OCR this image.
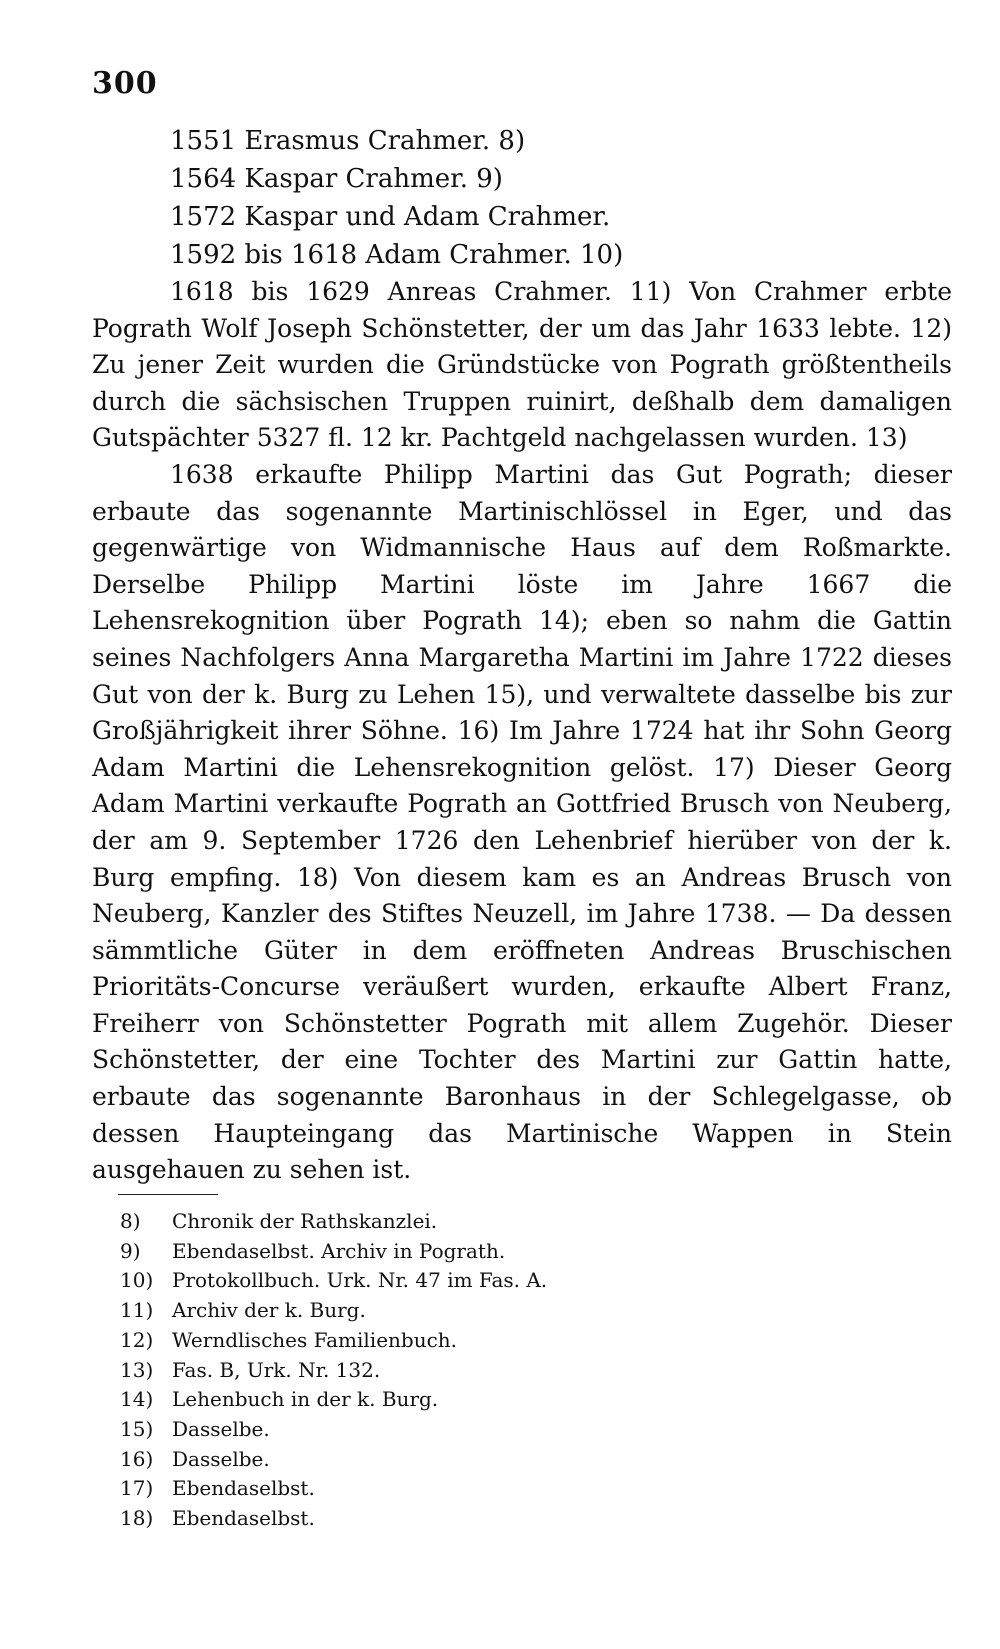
300
1551 Erasmus Crahmer. 8)
1564 Kaspar Crahmer. 9)
1572 Kaspar und Adam Crahmer.
1592 bis 1618 Adam Crahmer. 10)

1618 bis 1629 Anreas Crahmer. 11) Von Crahmer erbte Pograth Wolf Joseph Schönstetter, der um das Jahr 1633 lebte. 12) Zu jener Zeit wurden die Gründstücke von Pograth größtentheils durch die sächsischen Truppen ruinirt, deßhalb dem damaligen Gutspächter 5327 fl. 12 kr. Pachtgeld nachgelassen wurden. 13)

1638 erkaufte Philipp Martini das Gut Pograth; dieser erbaute das sogenannte Martinischlössel in Eger, und das gegenwärtige von Widmannische Haus auf dem Roßmarkte. Derselbe Philipp Martini löste im Jahre 1667 die Lehensrekognition über Pograth 14); eben so nahm die Gattin seines Nachfolgers Anna Margaretha Martini im Jahre 1722 dieses Gut von der k. Burg zu Lehen 15), und verwaltete dasselbe bis zur Großjährigkeit ihrer Söhne. 16) Im Jahre 1724 hat ihr Sohn Georg Adam Martini die Lehensrekognition gelöst. 17) Dieser Georg Adam Martini verkaufte Pograth an Gottfried Brusch von Neuberg, der am 9. September 1726 den Lehenbrief hierüber von der k. Burg empfing. 18) Von diesem kam es an Andreas Brusch von Neuberg, Kanzler des Stiftes Neuzell, im Jahre 1738. — Da dessen sämmtliche Güter in dem eröffneten Andreas Bruschischen Prioritäts-Concurse veräußert wurden, erkaufte Albert Franz, Freiherr von Schönstetter Pograth mit allem Zugehör. Dieser Schönstetter, der eine Tochter des Martini zur Gattin hatte, erbaute das sogenannte Baronhaus in der Schlegelgasse, ob dessen Haupteingang das Martinische Wappen in Stein ausgehauen zu sehen ist.

8) Chronik der Rathskanzlei.
9) Ebendaselbst. Archiv in Pograth.
10) Protokollbuch. Urk. Nr. 47 im Fas. A.
11) Archiv der k. Burg.
12) Werndlisches Familienbuch.
13) Fas. B, Urk. Nr. 132.
14) Lehenbuch in der k. Burg.
15) Dasselbe.
16) Dasselbe.
17) Ebendaselbst.
18) Ebendaselbst.
